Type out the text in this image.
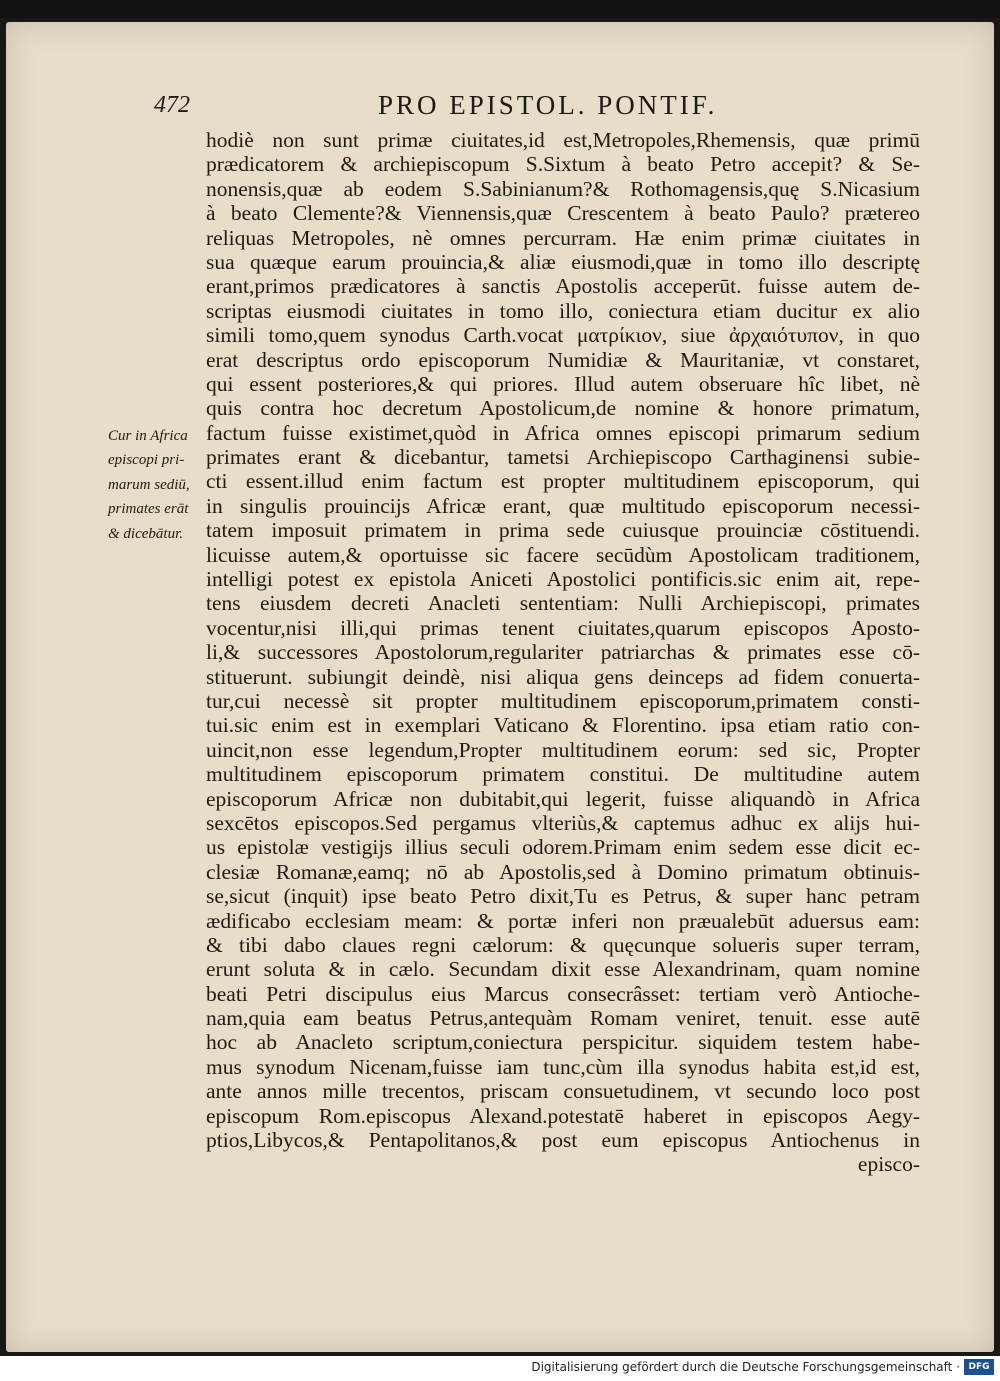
472	PRO EPISTOL. PONTIF.
Cur in Africa
episcopi pri-
marum sediū,
primates erāt
& dicebātur.
hodiè non sunt primæ ciuitates,id est,Metropoles,Rhemensis, quæ primū
prædicatorem & archiepiscopum S.Sixtum à beato Petro accepit? & Se-
nonensis,quæ ab eodem S.Sabinianum?& Rothomagensis,quę S.Nicasium
à beato Clemente?& Viennensis,quæ Crescentem à beato Paulo? prætereo
reliquas Metropoles, nè omnes percurram. Hæ enim primæ ciuitates in
sua quæque earum prouincia,& aliæ eiusmodi,quæ in tomo illo descriptę
erant,primos prædicatores à sanctis Apostolis acceperūt. fuisse autem de-
scriptas eiusmodi ciuitates in tomo illo, coniectura etiam ducitur ex alio
simili tomo,quem synodus Carth.vocat ματρίκιον, siue ἀρχαιότυπον, in quo
erat descriptus ordo episcoporum Numidiæ & Mauritaniæ, vt constaret,
qui essent posteriores,& qui priores. Illud autem obseruare hîc libet, nè
quis contra hoc decretum Apostolicum,de nomine & honore primatum,
factum fuisse existimet,quòd in Africa omnes episcopi primarum sedium
primates erant & dicebantur, tametsi Archiepiscopo Carthaginensi subie-
cti essent.illud enim factum est propter multitudinem episcoporum, qui
in singulis prouincijs Africæ erant, quæ multitudo episcoporum necessi-
tatem imposuit primatem in prima sede cuiusque prouinciæ cōstituendi.
licuisse autem,& oportuisse sic facere secūdùm Apostolicam traditionem,
intelligi potest ex epistola Aniceti Apostolici pontificis.sic enim ait, repe-
tens eiusdem decreti Anacleti sententiam: Nulli Archiepiscopi, primates
vocentur,nisi illi,qui primas tenent ciuitates,quarum episcopos Aposto-
li,& successores Apostolorum,regulariter patriarchas & primates esse cō-
stituerunt. subiungit deindè, nisi aliqua gens deinceps ad fidem conuerta-
tur,cui necessè sit propter multitudinem episcoporum,primatem consti-
tui.sic enim est in exemplari Vaticano & Florentino. ipsa etiam ratio con-
uincit,non esse legendum,Propter multitudinem eorum: sed sic, Propter
multitudinem episcoporum primatem constitui. De multitudine autem
episcoporum Africæ non dubitabit,qui legerit, fuisse aliquandò in Africa
sexcētos episcopos.Sed pergamus vlteriùs,& captemus adhuc ex alijs hui-
us epistolæ vestigijs illius seculi odorem.Primam enim sedem esse dicit ec-
clesiæ Romanæ,eamq; nō ab Apostolis,sed à Domino primatum obtinuis-
se,sicut (inquit) ipse beato Petro dixit,Tu es Petrus, & super hanc petram
ædificabo ecclesiam meam: & portæ inferi non præualebūt aduersus eam:
& tibi dabo claues regni cælorum: & quęcunque solueris super terram,
erunt soluta & in cælo. Secundam dixit esse Alexandrinam, quam nomine
beati Petri discipulus eius Marcus consecrâsset: tertiam verò Antioche-
nam,quia eam beatus Petrus,antequàm Romam veniret, tenuit. esse autē
hoc ab Anacleto scriptum,coniectura perspicitur. siquidem testem habe-
mus synodum Nicenam,fuisse iam tunc,cùm illa synodus habita est,id est,
ante annos mille trecentos, priscam consuetudinem, vt secundo loco post
episcopum Rom.episcopus Alexand.potestatē haberet in episcopos Aegy-
ptios,Libycos,& Pentapolitanos,& post eum episcopus Antiochenus in
episco-
Digitalisierung gefördert durch die Deutsche Forschungsgemeinschaft · DFG
